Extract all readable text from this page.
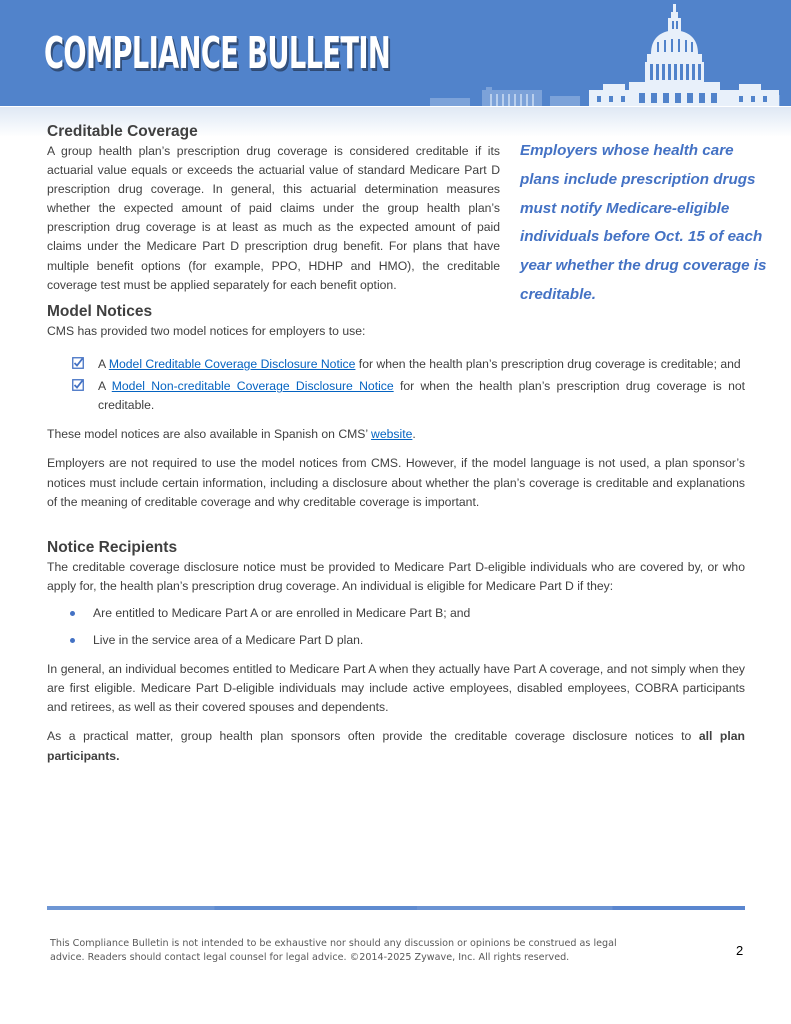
COMPLIANCE BULLETIN
Creditable Coverage

A group health plan’s prescription drug coverage is considered creditable if its actuarial value equals or exceeds the actuarial value of standard Medicare Part D prescription drug coverage. In general, this actuarial determination measures whether the expected amount of paid claims under the group health plan’s prescription drug coverage is at least as much as the expected amount of paid claims under the Medicare Part D prescription drug benefit. For plans that have multiple benefit options (for example, PPO, HDHP and HMO), the creditable coverage test must be applied separately for each benefit option.

Employers whose health care plans include prescription drugs must notify Medicare-eligible individuals before Oct. 15 of each year whether the drug coverage is creditable.
Model Notices

CMS has provided two model notices for employers to use:

A Model Creditable Coverage Disclosure Notice for when the health plan’s prescription drug coverage is creditable; and
A Model Non-creditable Coverage Disclosure Notice for when the health plan’s prescription drug coverage is not creditable.

These model notices are also available in Spanish on CMS’ website.

Employers are not required to use the model notices from CMS. However, if the model language is not used, a plan sponsor’s notices must include certain information, including a disclosure about whether the plan’s coverage is creditable and explanations of the meaning of creditable coverage and why creditable coverage is important.

Notice Recipients

The creditable coverage disclosure notice must be provided to Medicare Part D-eligible individuals who are covered by, or who apply for, the health plan’s prescription drug coverage. An individual is eligible for Medicare Part D if they:

Are entitled to Medicare Part A or are enrolled in Medicare Part B; and
Live in the service area of a Medicare Part D plan.

In general, an individual becomes entitled to Medicare Part A when they actually have Part A coverage, and not simply when they are first eligible. Medicare Part D-eligible individuals may include active employees, disabled employees, COBRA participants and retirees, as well as their covered spouses and dependents.

As a practical matter, group health plan sponsors often provide the creditable coverage disclosure notices to all plan participants.

This Compliance Bulletin is not intended to be exhaustive nor should any discussion or opinions be construed as legal advice. Readers should contact legal counsel for legal advice. ©2014-2025 Zywave, Inc. All rights reserved.	2
